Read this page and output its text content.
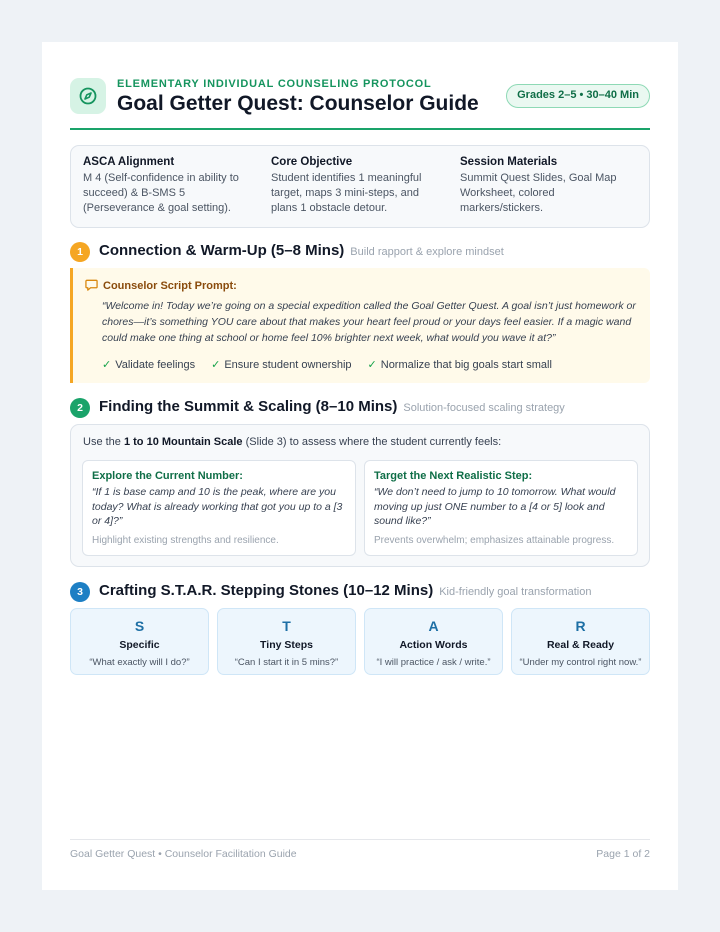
ELEMENTARY INDIVIDUAL COUNSELING PROTOCOL
Goal Getter Quest: Counselor Guide	Grades 2–5 • 30–40 Min
ASCA Alignment

M 4 (Self-confidence in ability to succeed) & B-SMS 5 (Perseverance & goal setting).

Core Objective

Student identifies 1 meaningful target, maps 3 mini-steps, and plans 1 obstacle detour.

Session Materials

Summit Quest Slides, Goal Map Worksheet, colored markers/stickers.

1	Connection & Warm-Up (5–8 Mins) Build rapport & explore mindset
Counselor Script Prompt:
“Welcome in! Today we’re going on a special expedition called the Goal Getter Quest. A goal isn’t just homework or chores—it’s something YOU care about that makes your heart feel proud or your days feel easier. If a magic wand could make one thing at school or home feel 10% brighter next week, what would you wave it at?”
✓ Validate feelings ✓ Ensure student ownership ✓ Normalize that big goals start small
2	Finding the Summit & Scaling (8–10 Mins) Solution-focused scaling strategy
Use the 1 to 10 Mountain Scale (Slide 3) to assess where the student currently feels:
Explore the Current Number:
“If 1 is base camp and 10 is the peak, where are you today? What is already working that got you up to a [3 or 4]?”
Highlight existing strengths and resilience.
Target the Next Realistic Step:
“We don’t need to jump to 10 tomorrow. What would moving up just ONE number to a [4 or 5] look and sound like?”
Prevents overwhelm; emphasizes attainable progress.
3	Crafting S.T.A.R. Stepping Stones (10–12 Mins) Kid-friendly goal transformation
S
Specific
“What exactly will I do?”
T
Tiny Steps
“Can I start it in 5 mins?”
A
Action Words
“I will practice / ask / write.”
R
Real & Ready
“Under my control right now.”
Goal Getter Quest • Counselor Facilitation Guide	Page 1 of 2
